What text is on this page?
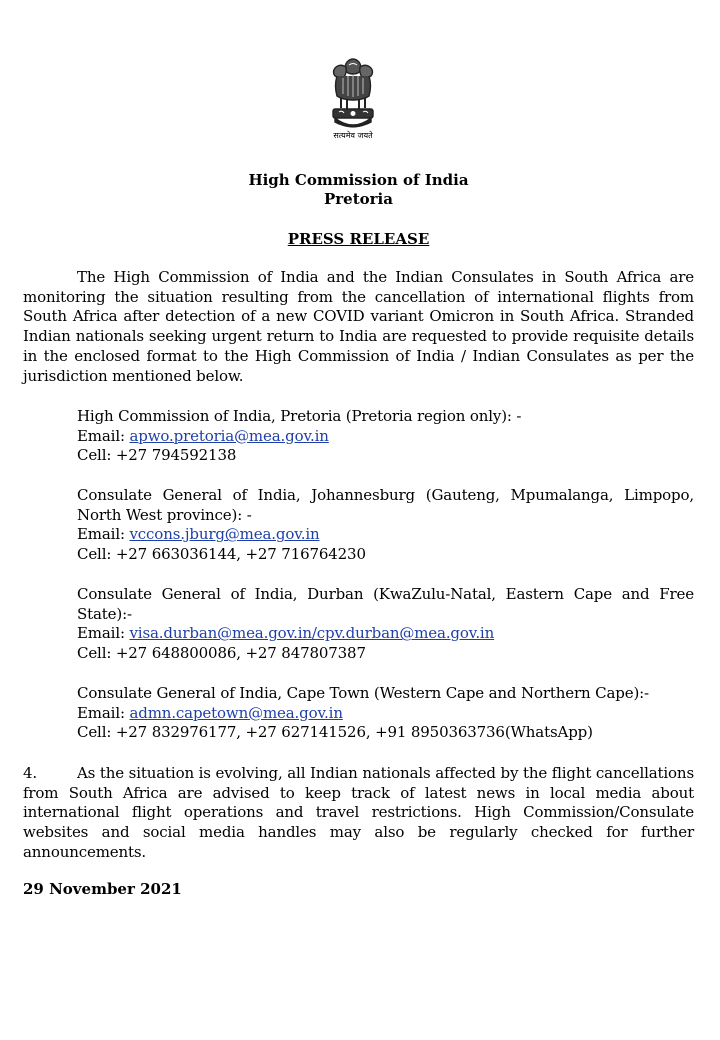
सत्यमेव जयते
High Commission of India
Pretoria
PRESS RELEASE

The High Commission of India and the Indian Consulates in South Africa are monitoring the situation resulting from the cancellation of international flights from South Africa after detection of a new COVID variant Omicron in South Africa. Stranded Indian nationals seeking urgent return to India are requested to provide requisite details in the enclosed format to the High Commission of India / Indian Consulates as per the jurisdiction mentioned below.

High Commission of India, Pretoria (Pretoria region only): -
Email: apwo.pretoria@mea.gov.in
Cell: +27 794592138
Consulate General of India, Johannesburg (Gauteng, Mpumalanga, Limpopo, North West province): -
Email: vccons.jburg@mea.gov.in
Cell: +27 663036144, +27 716764230
Consulate General of India, Durban (KwaZulu-Natal, Eastern Cape and Free State):-
Email: visa.durban@mea.gov.in/cpv.durban@mea.gov.in
Cell: +27 648800086, +27 847807387
Consulate General of India, Cape Town (Western Cape and Northern Cape):-
Email: admn.capetown@mea.gov.in
Cell: +27 832976177, +27 627141526, +91 8950363736(WhatsApp)

4.	As the situation is evolving, all Indian nationals affected by the flight cancellations from South Africa are advised to keep track of latest news in local media about international flight operations and travel restrictions. High Commission/Consulate websites and social media handles may also be regularly checked for further announcements.

29 November 2021
